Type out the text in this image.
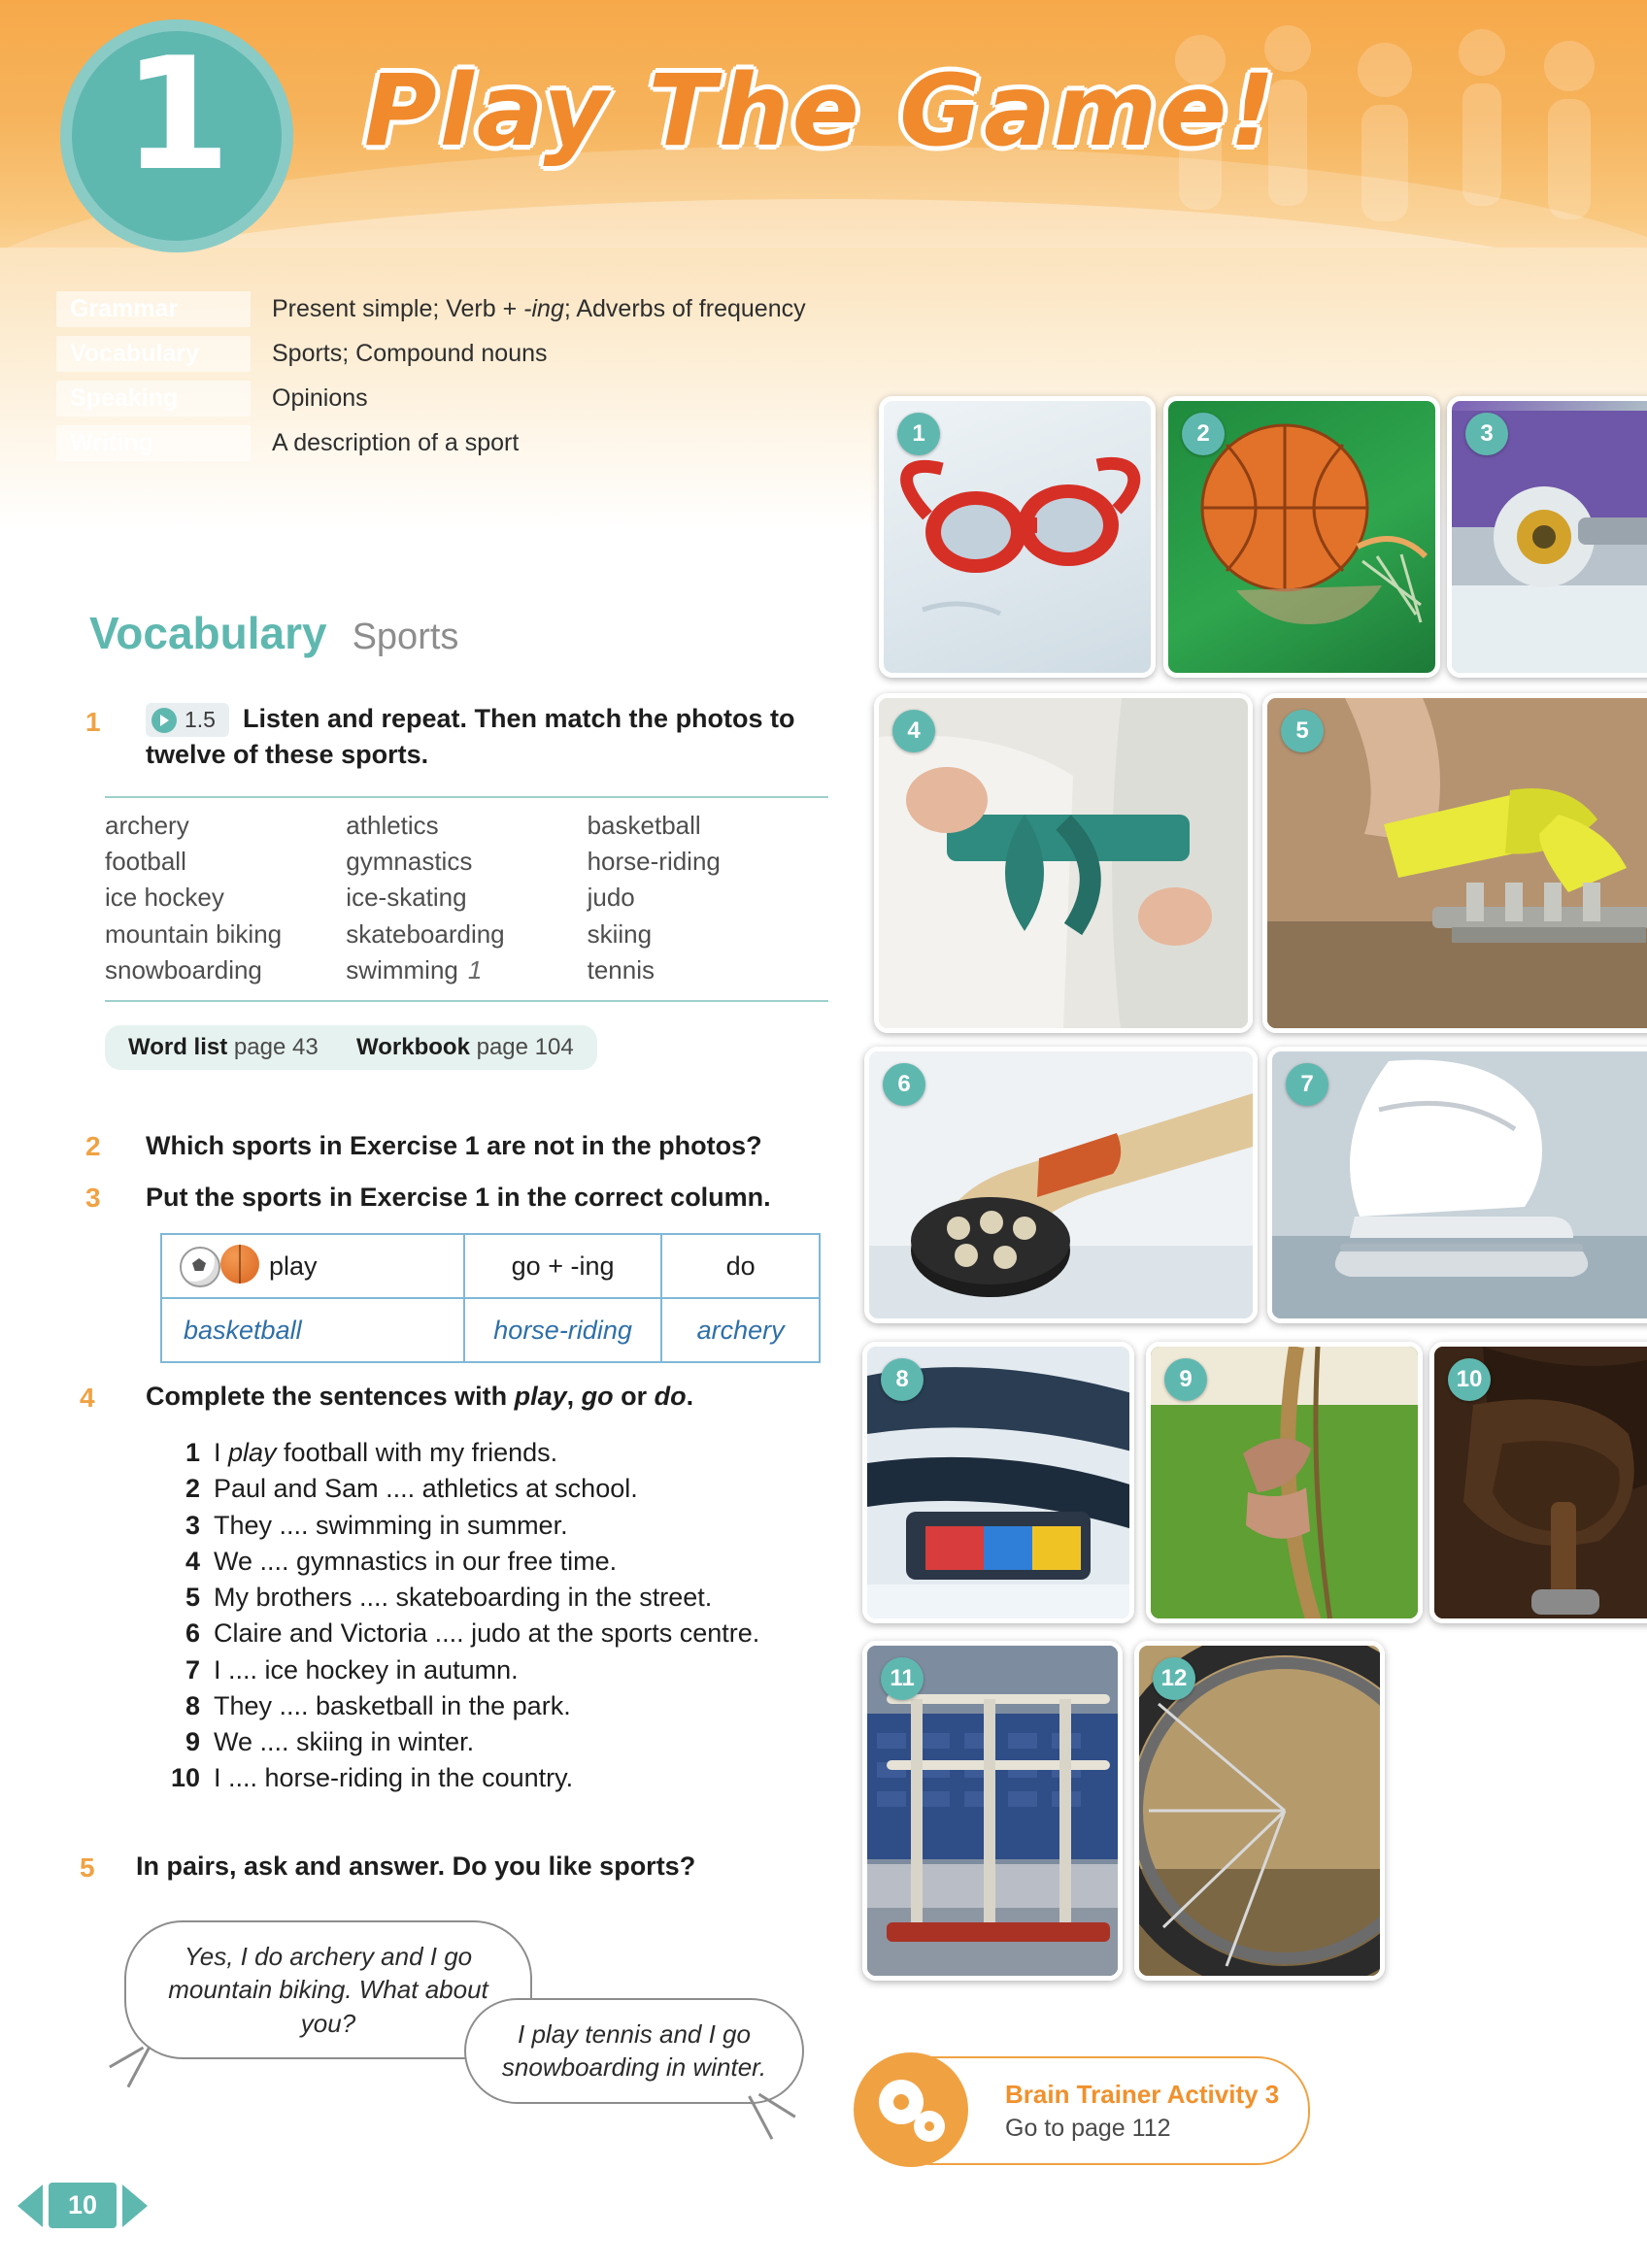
1	Play The Game!
Grammar	Present simple; Verb + -ing; Adverbs of frequency
Vocabulary	Sports; Compound nouns
Speaking	Opinions
Writing	A description of a sport
Vocabulary Sports
1	1.5 Listen and repeat. Then match the photos to twelve of these sports.
archery	athletics	basketball
football	gymnastics	horse-riding
ice hockey	ice-skating	judo
mountain biking	skateboarding	skiing
snowboarding	swimming 1	tennis
Word list page 43 Workbook page 104
2 Which sports in Exercise 1 are not in the photos?
3 Put the sports in Exercise 1 in the correct column.
play	go + -ing	do
basketball	horse-riding	archery
4 Complete the sentences with play, go or do.
1 I play football with my friends.
2 Paul and Sam .... athletics at school.
3 They .... swimming in summer.
4 We .... gymnastics in our free time.
5 My brothers .... skateboarding in the street.
6 Claire and Victoria .... judo at the sports centre.
7 I .... ice hockey in autumn.
8 They .... basketball in the park.
9 We .... skiing in winter.
10 I .... horse-riding in the country.
5 In pairs, ask and answer. Do you like sports?
Yes, I do archery and I go mountain biking. What about you?	I play tennis and I go snowboarding in winter.
Brain Trainer Activity 3
Go to page 112
10
1	2	3
4	5
6	7
8	9	10
11	12
